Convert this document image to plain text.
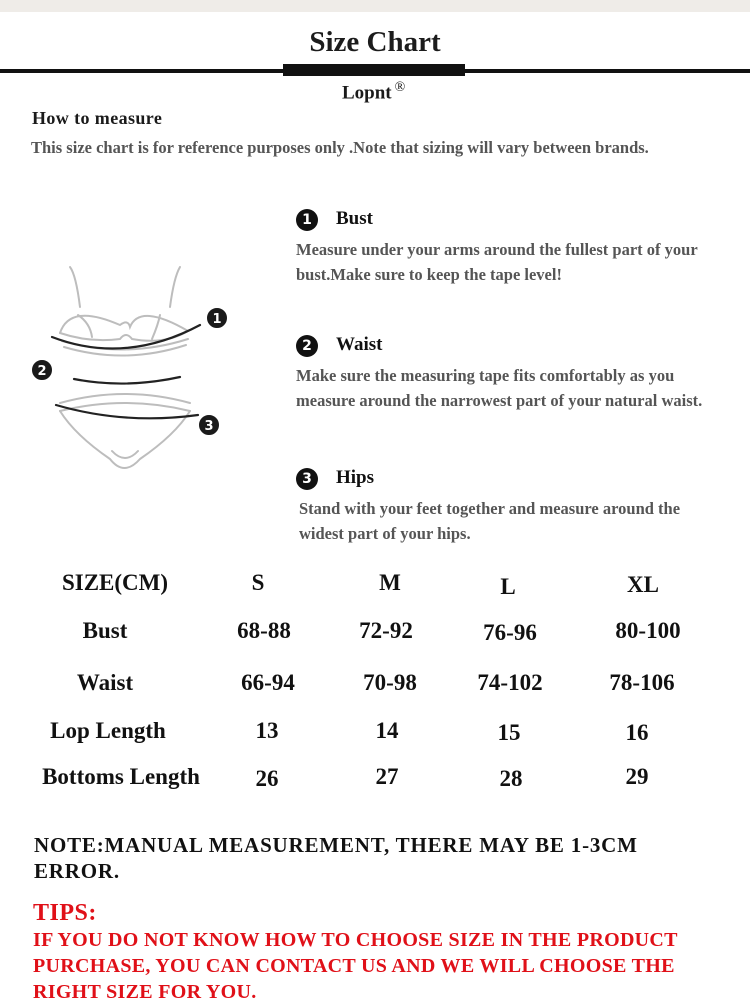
Size Chart
Lopnt ®
How to measure
This size chart is for reference purposes only .Note that sizing will vary between brands.
1
2
3
1 Bust
Measure under your arms around the fullest part of your bust.Make sure to keep the tape level!
2 Waist
Make sure the measuring tape fits comfortably as you measure around the narrowest part of your natural waist.
3 Hips
Stand with your feet together and measure around the widest part of your hips.
SIZE(CM)	S	M	L	XL
Bust	68-88	72-92	76-96	80-100
Waist	66-94	70-98	74-102	78-106
Lop Length	13	14	15	16
Bottoms Length	26	27	28	29
NOTE:MANUAL MEASUREMENT, THERE MAY BE 1-3CM ERROR.
TIPS:
IF YOU DO NOT KNOW HOW TO CHOOSE SIZE IN THE PRODUCT PURCHASE, YOU CAN CONTACT US AND WE WILL CHOOSE THE RIGHT SIZE FOR YOU.
